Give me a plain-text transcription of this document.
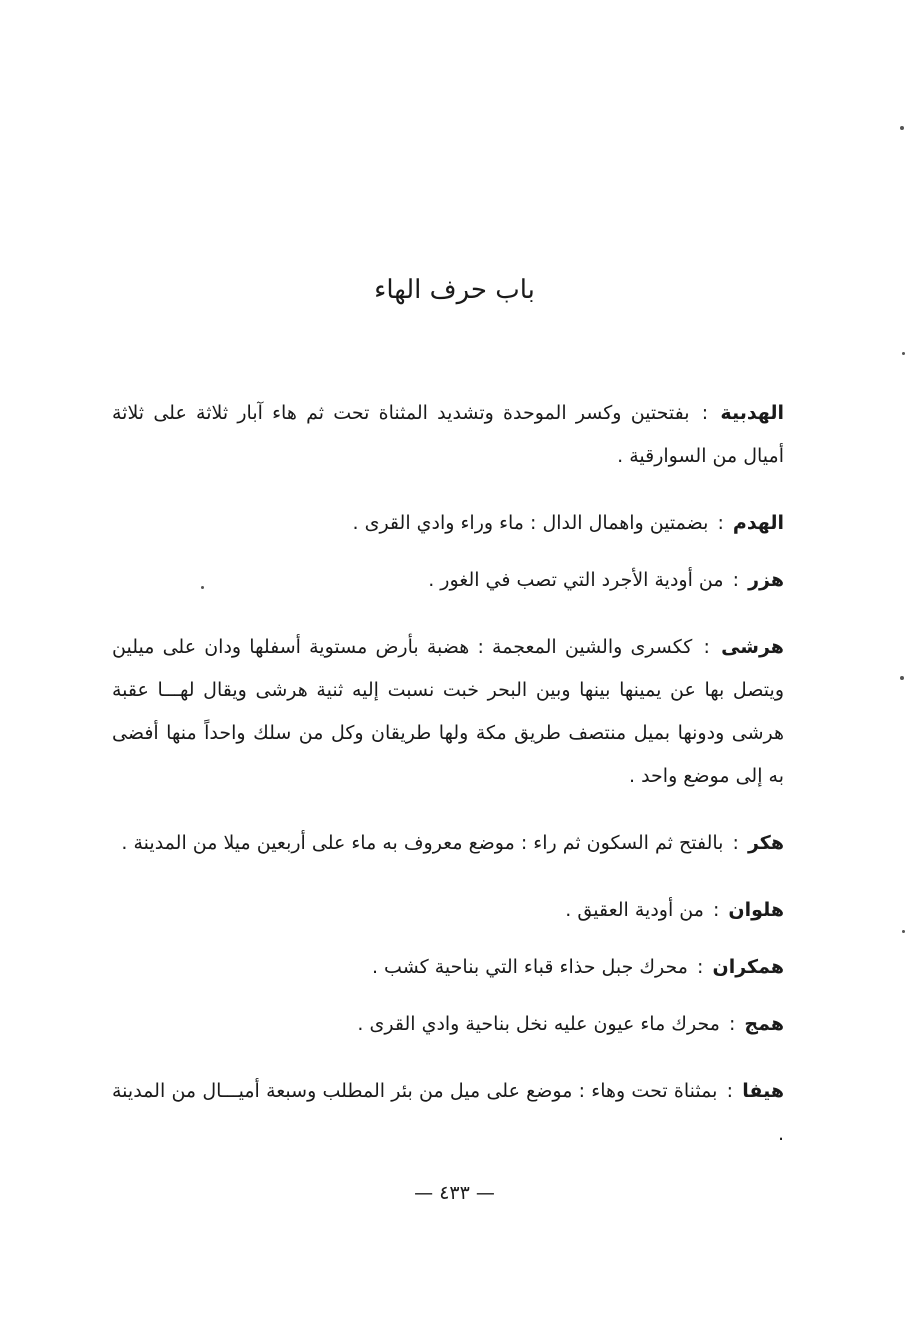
باب حرف الهاء

الهدبية : بفتحتين وكسر الموحدة وتشديد المثناة تحت ثم هاء آبار ثلاثة على ثلاثة أميال من السوارقية .

الهدم : بضمتين واهمال الدال : ماء وراء وادي القرى .

هزر : من أودية الأجرد التي تصب في الغور .

هرشى : ككسرى والشين المعجمة : هضبة بأرض مستوية أسفلها ودان على ميلين ويتصل بها عن يمينها بينها وبين البحر خبت نسبت إليه ثنية هرشى ويقال لهـــا عقبة هرشى ودونها بميل منتصف طريق مكة ولها طريقان وكل من سلك واحداً منها أفضى به إلى موضع واحد .

هكر : بالفتح ثم السكون ثم راء : موضع معروف به ماء على أربعين ميلا من المدينة .

هلوان : من أودية العقيق .

همكران : محرك جبل حذاء قباء التي بناحية كشب .

همج : محرك ماء عيون عليه نخل بناحية وادي القرى .

هيفا : بمثناة تحت وهاء : موضع على ميل من بئر المطلب وسبعة أميـــال من المدينة .

— ٤٣٣ —
